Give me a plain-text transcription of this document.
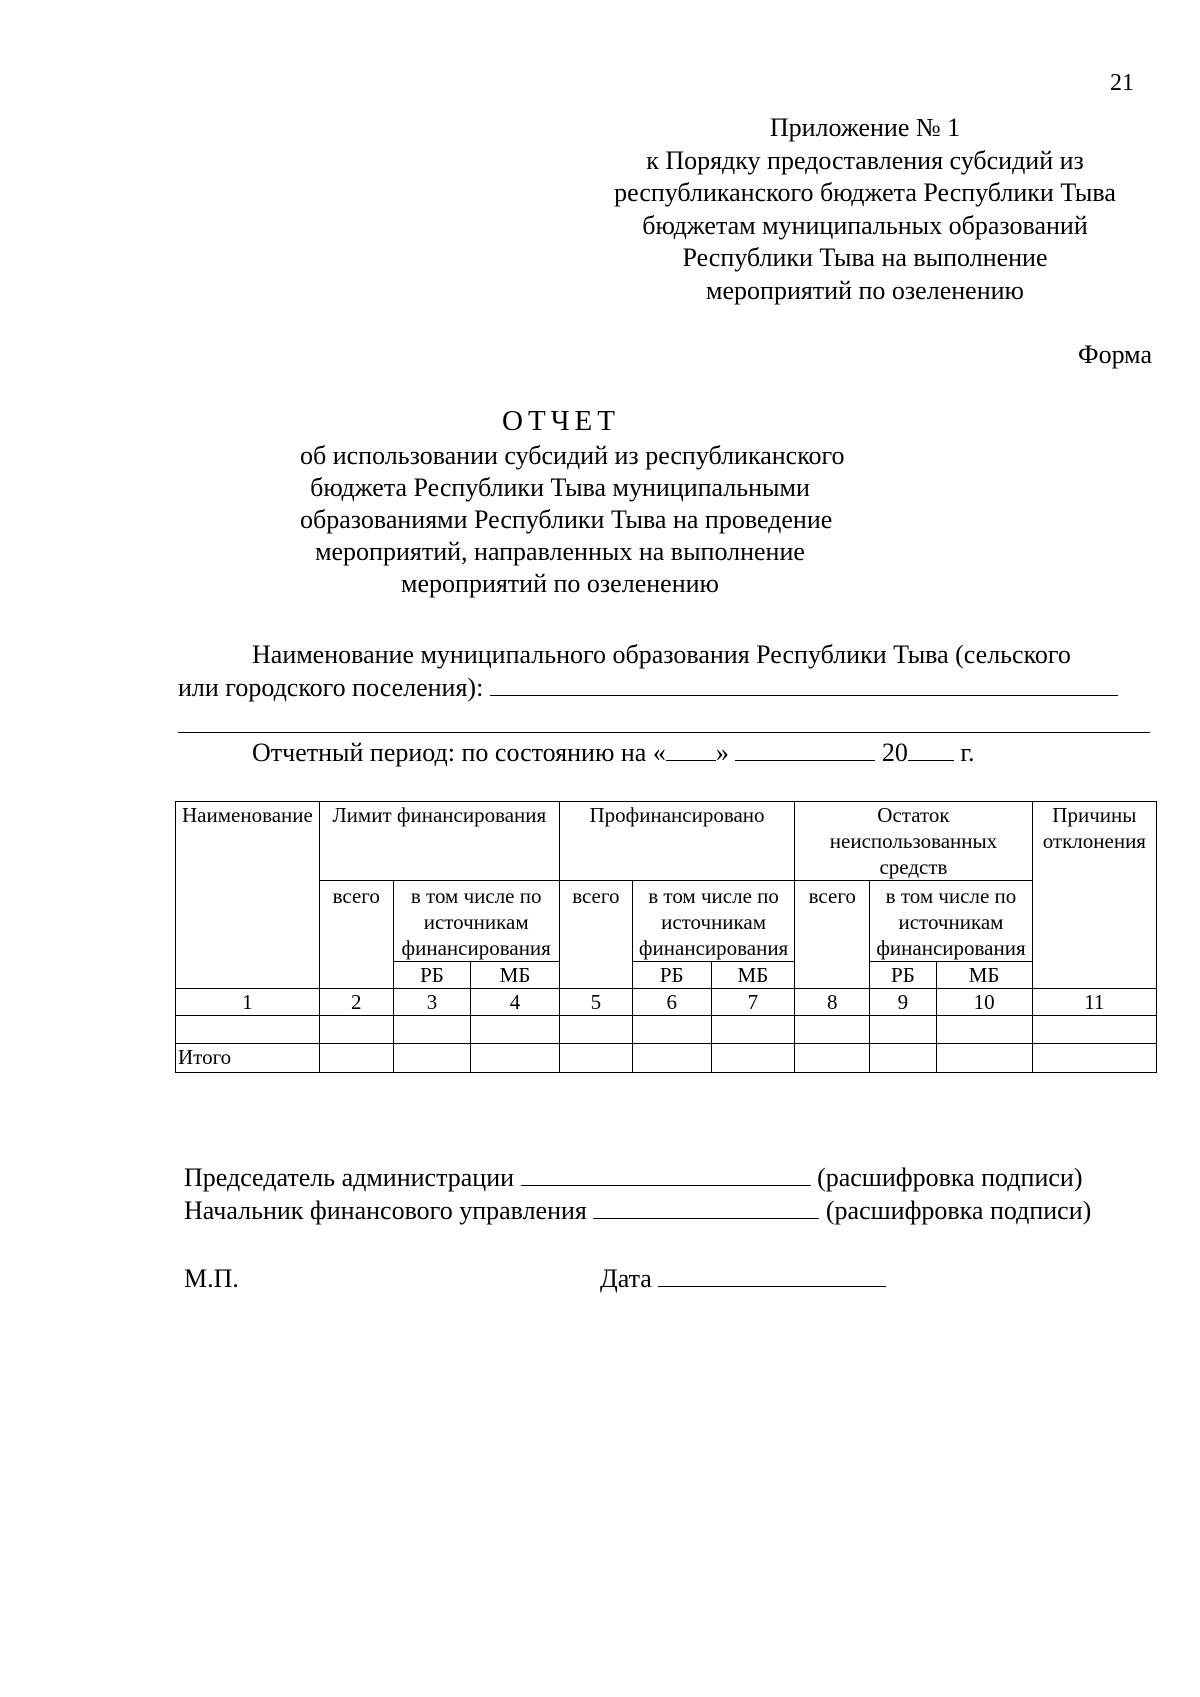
21
Приложение № 1
к Порядку предоставления субсидий из
республиканского бюджета Республики Тыва
бюджетам муниципальных образований
Республики Тыва на выполнение
мероприятий по озеленению
Форма
ОТЧЕТ
об использовании субсидий из республиканского
бюджета Республики Тыва муниципальными
образованиями Республики Тыва на проведение
мероприятий, направленных на выполнение
мероприятий по озеленению
Наименование муниципального образования Республики Тыва (сельского
или городского поселения):
Отчетный период: по состоянию на « »	20 г.
Наименование	Лимит финансирования			Профинансировано			Остаток неиспользованных средств			Причины отклонения
	всего	в том числе по источникам финансирования		всего	в том числе по источникам финансирования		всего	в том числе по источникам финансирования		
		РБ	МБ		РБ	МБ		РБ	МБ	
1	2	3	4	5	6	7	8	9	10	11

Итого										
Председатель администрации	(расшифровка подписи)
Начальник финансового управления	(расшифровка подписи)
М.П.	Дата
